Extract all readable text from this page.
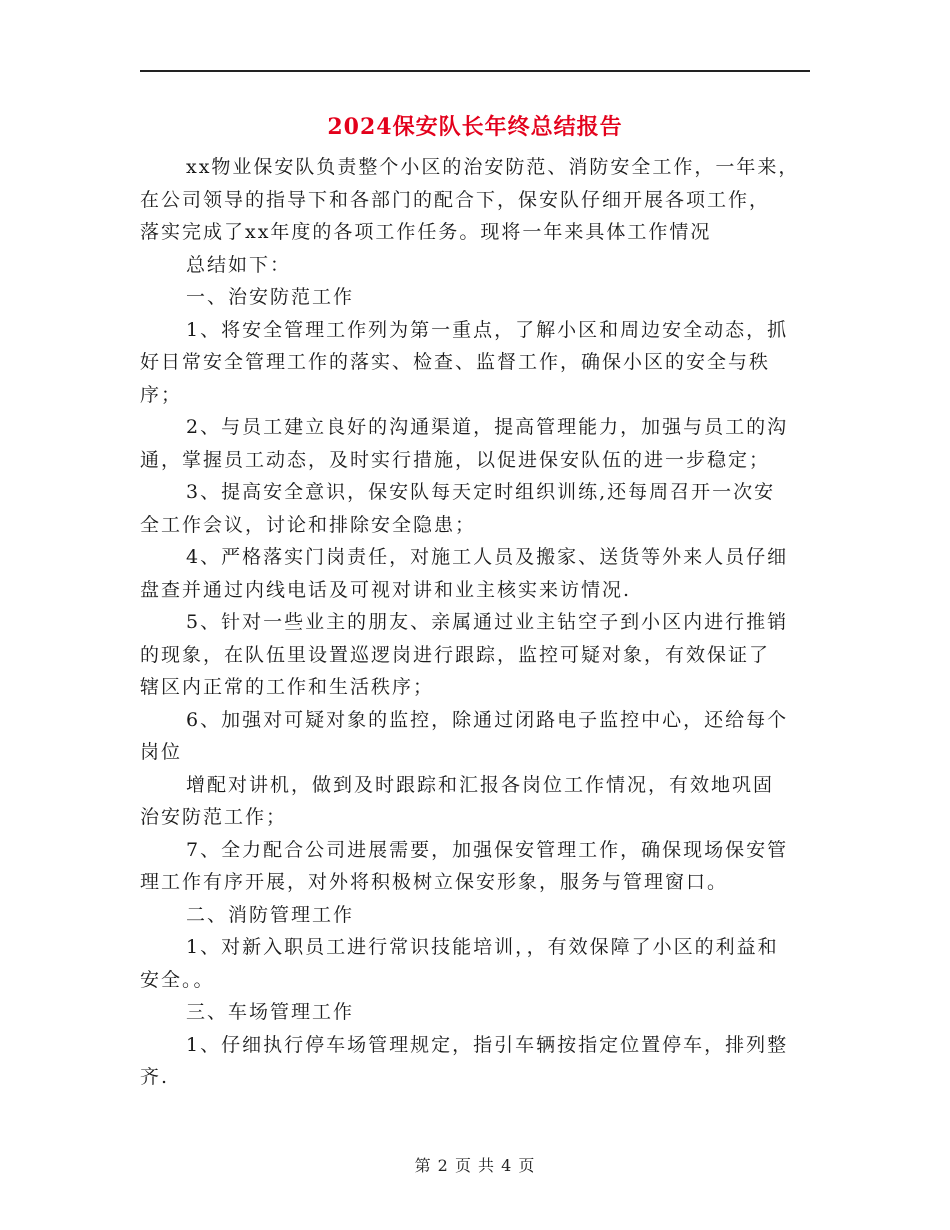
2024保安队长年终总结报告
xx物业保安队负责整个小区的治安防范、消防安全工作，一年来，
在公司领导的指导下和各部门的配合下，保安队仔细开展各项工作，
落实完成了xx年度的各项工作任务。现将一年来具体工作情况
总结如下：
一、治安防范工作
1、将安全管理工作列为第一重点，了解小区和周边安全动态，抓
好日常安全管理工作的落实、检查、监督工作，确保小区的安全与秩
序；
2、与员工建立良好的沟通渠道，提高管理能力，加强与员工的沟
通，掌握员工动态，及时实行措施，以促进保安队伍的进一步稳定；
3、提高安全意识，保安队每天定时组织训练,还每周召开一次安
全工作会议，讨论和排除安全隐患；
4、严格落实门岗责任，对施工人员及搬家、送货等外来人员仔细
盘查并通过内线电话及可视对讲和业主核实来访情况.
5、针对一些业主的朋友、亲属通过业主钻空子到小区内进行推销
的现象，在队伍里设置巡逻岗进行跟踪，监控可疑对象，有效保证了
辖区内正常的工作和生活秩序；
6、加强对可疑对象的监控，除通过闭路电子监控中心，还给每个
岗位
增配对讲机，做到及时跟踪和汇报各岗位工作情况，有效地巩固
治安防范工作；
7、全力配合公司进展需要，加强保安管理工作，确保现场保安管
理工作有序开展，对外将积极树立保安形象，服务与管理窗口。
二、消防管理工作
1、对新入职员工进行常识技能培训，，有效保障了小区的利益和
安全。。
三、车场管理工作
1、仔细执行停车场管理规定，指引车辆按指定位置停车，排列整
齐.
第 2 页 共 4 页
